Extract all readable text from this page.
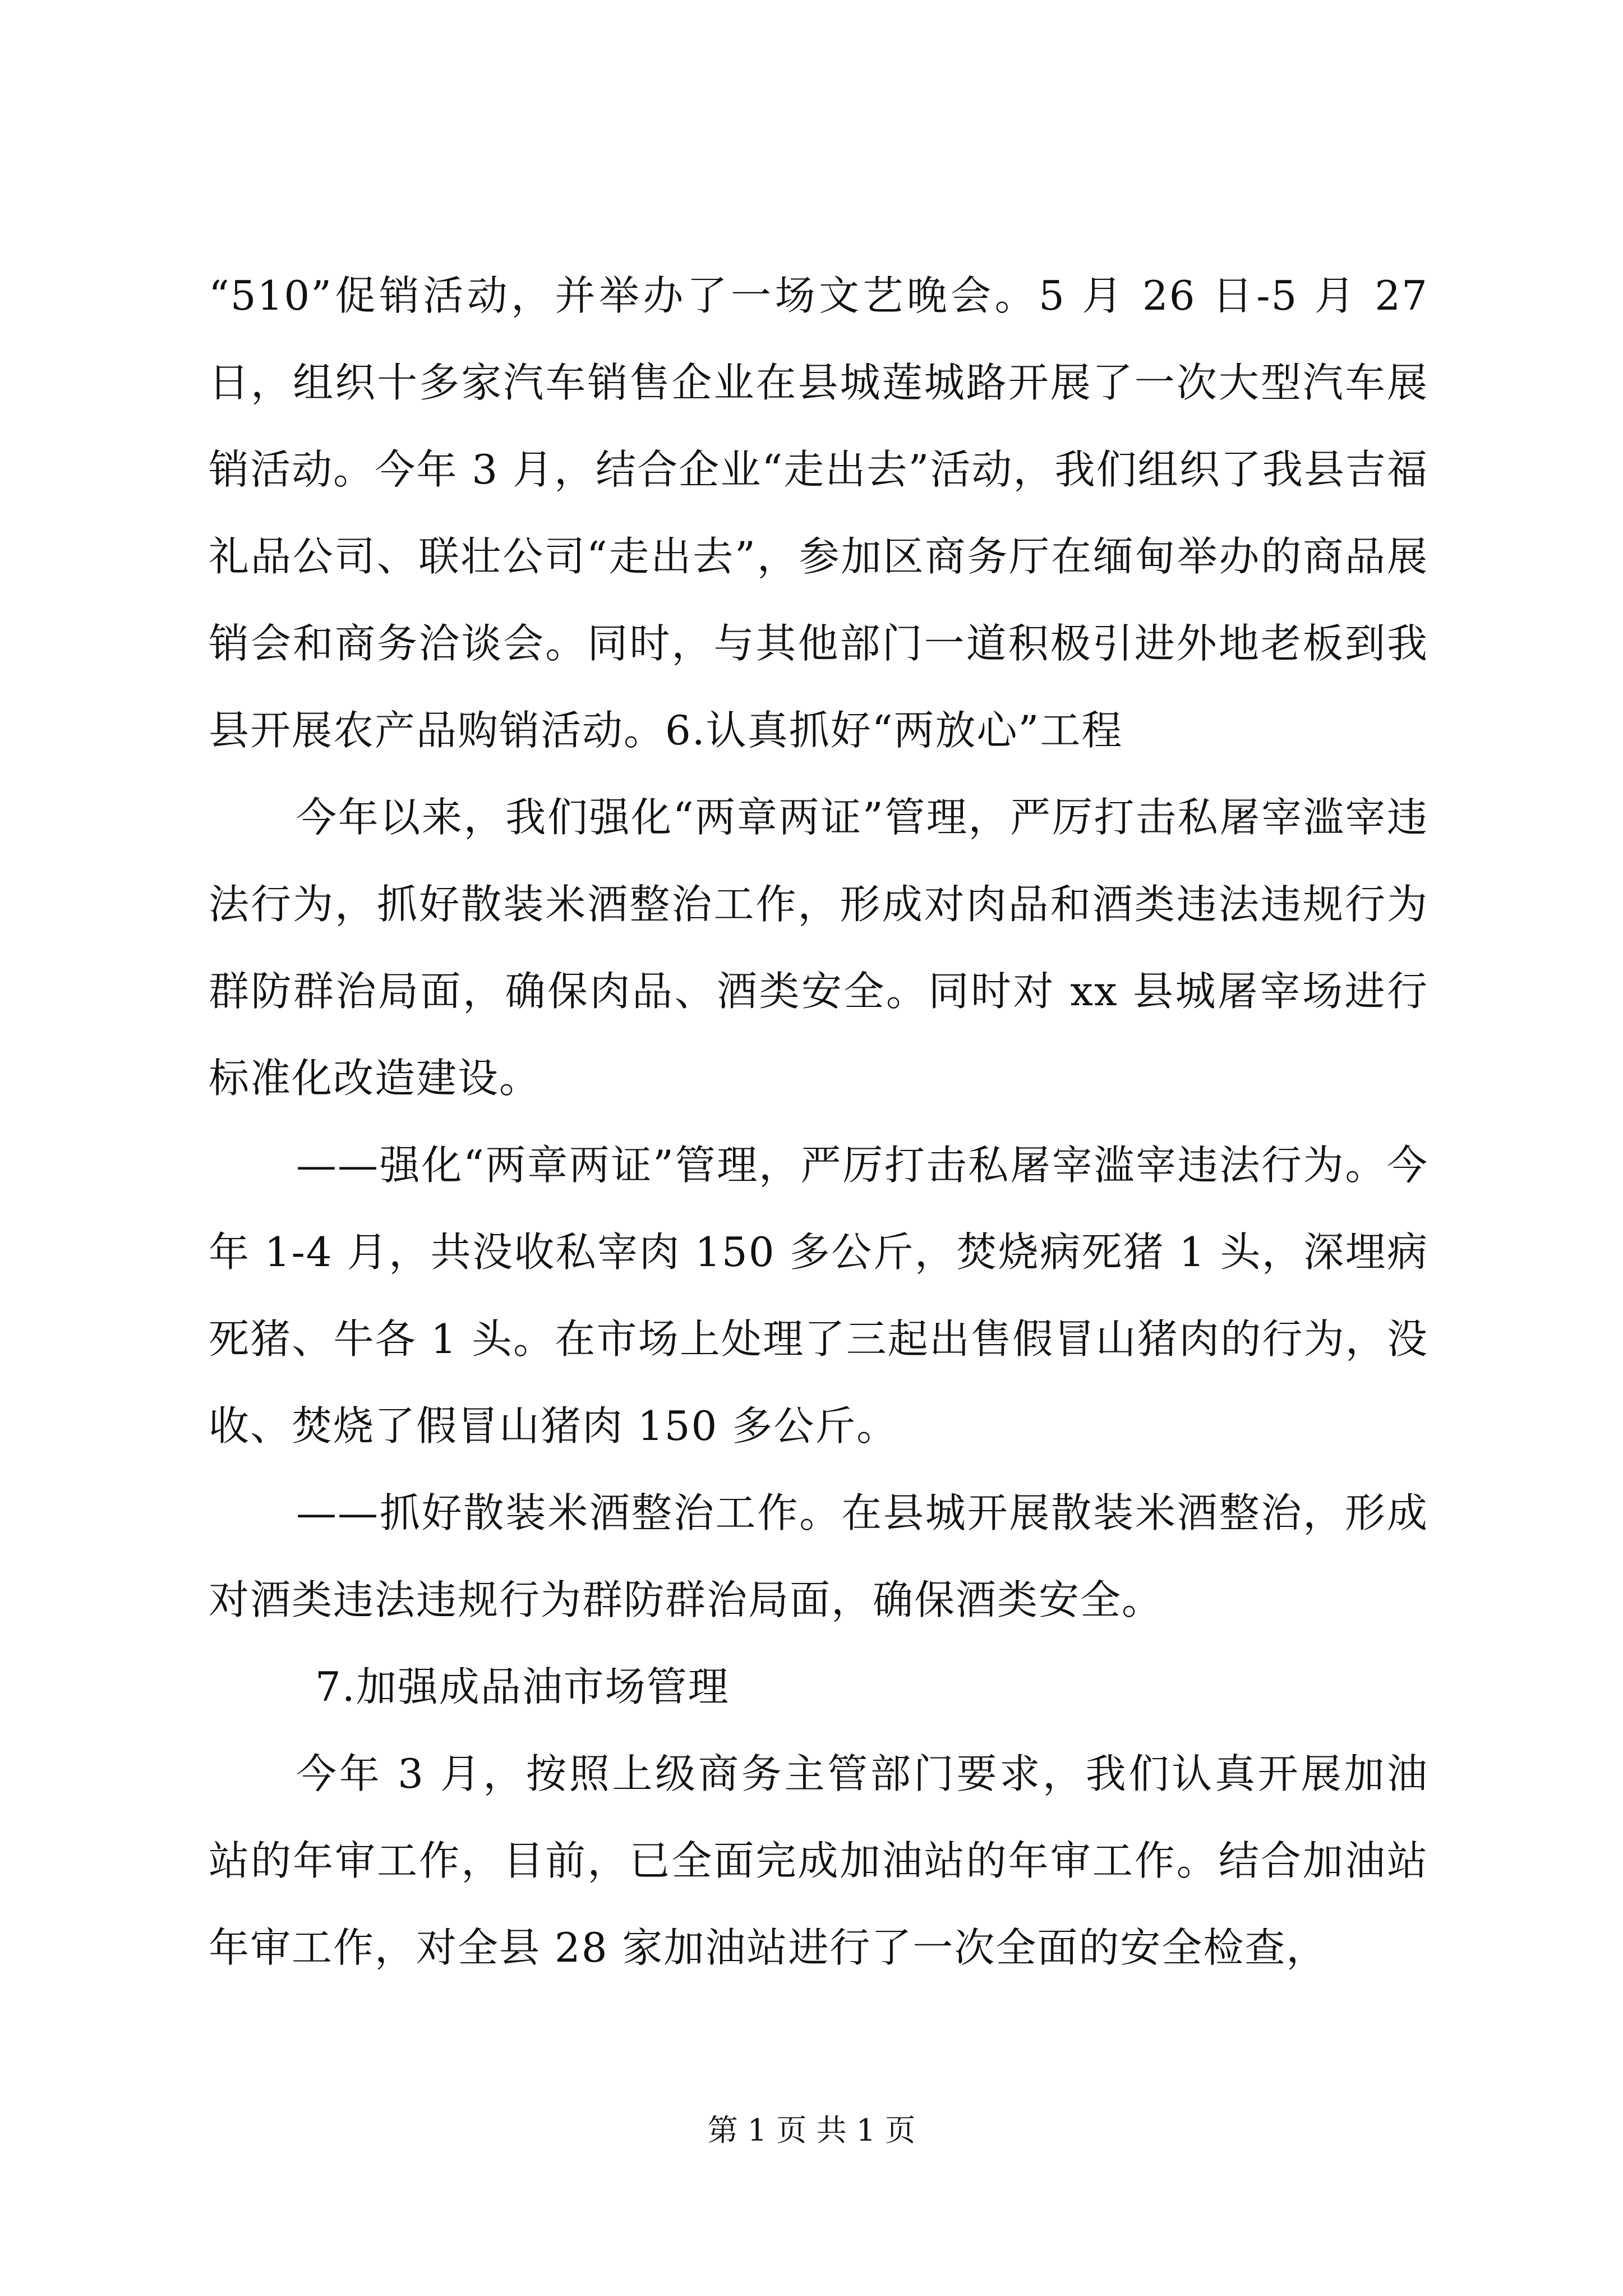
“510”促销活动，并举办了一场文艺晚会。5 月 26 日-5 月 27 日，组织十多家汽车销售企业在县城莲城路开展了一次大型汽车展销活动。今年 3 月，结合企业“走出去”活动，我们组织了我县吉福礼品公司、联壮公司“走出去”，参加区商务厅在缅甸举办的商品展销会和商务洽谈会。同时，与其他部门一道积极引进外地老板到我县开展农产品购销活动。6.认真抓好“两放心”工程

今年以来，我们强化“两章两证”管理，严厉打击私屠宰滥宰违法行为，抓好散装米酒整治工作，形成对肉品和酒类违法违规行为群防群治局面，确保肉品、酒类安全。同时对 xx 县城屠宰场进行标准化改造建设。

——强化“两章两证”管理，严厉打击私屠宰滥宰违法行为。今年 1-4 月，共没收私宰肉 150 多公斤，焚烧病死猪 1 头，深埋病死猪、牛各 1 头。在市场上处理了三起出售假冒山猪肉的行为，没收、焚烧了假冒山猪肉 150 多公斤。

——抓好散装米酒整治工作。在县城开展散装米酒整治，形成对酒类违法违规行为群防群治局面，确保酒类安全。

7.加强成品油市场管理

今年 3 月，按照上级商务主管部门要求，我们认真开展加油站的年审工作，目前，已全面完成加油站的年审工作。结合加油站年审工作，对全县 28 家加油站进行了一次全面的安全检查，

第 1 页 共 1 页
